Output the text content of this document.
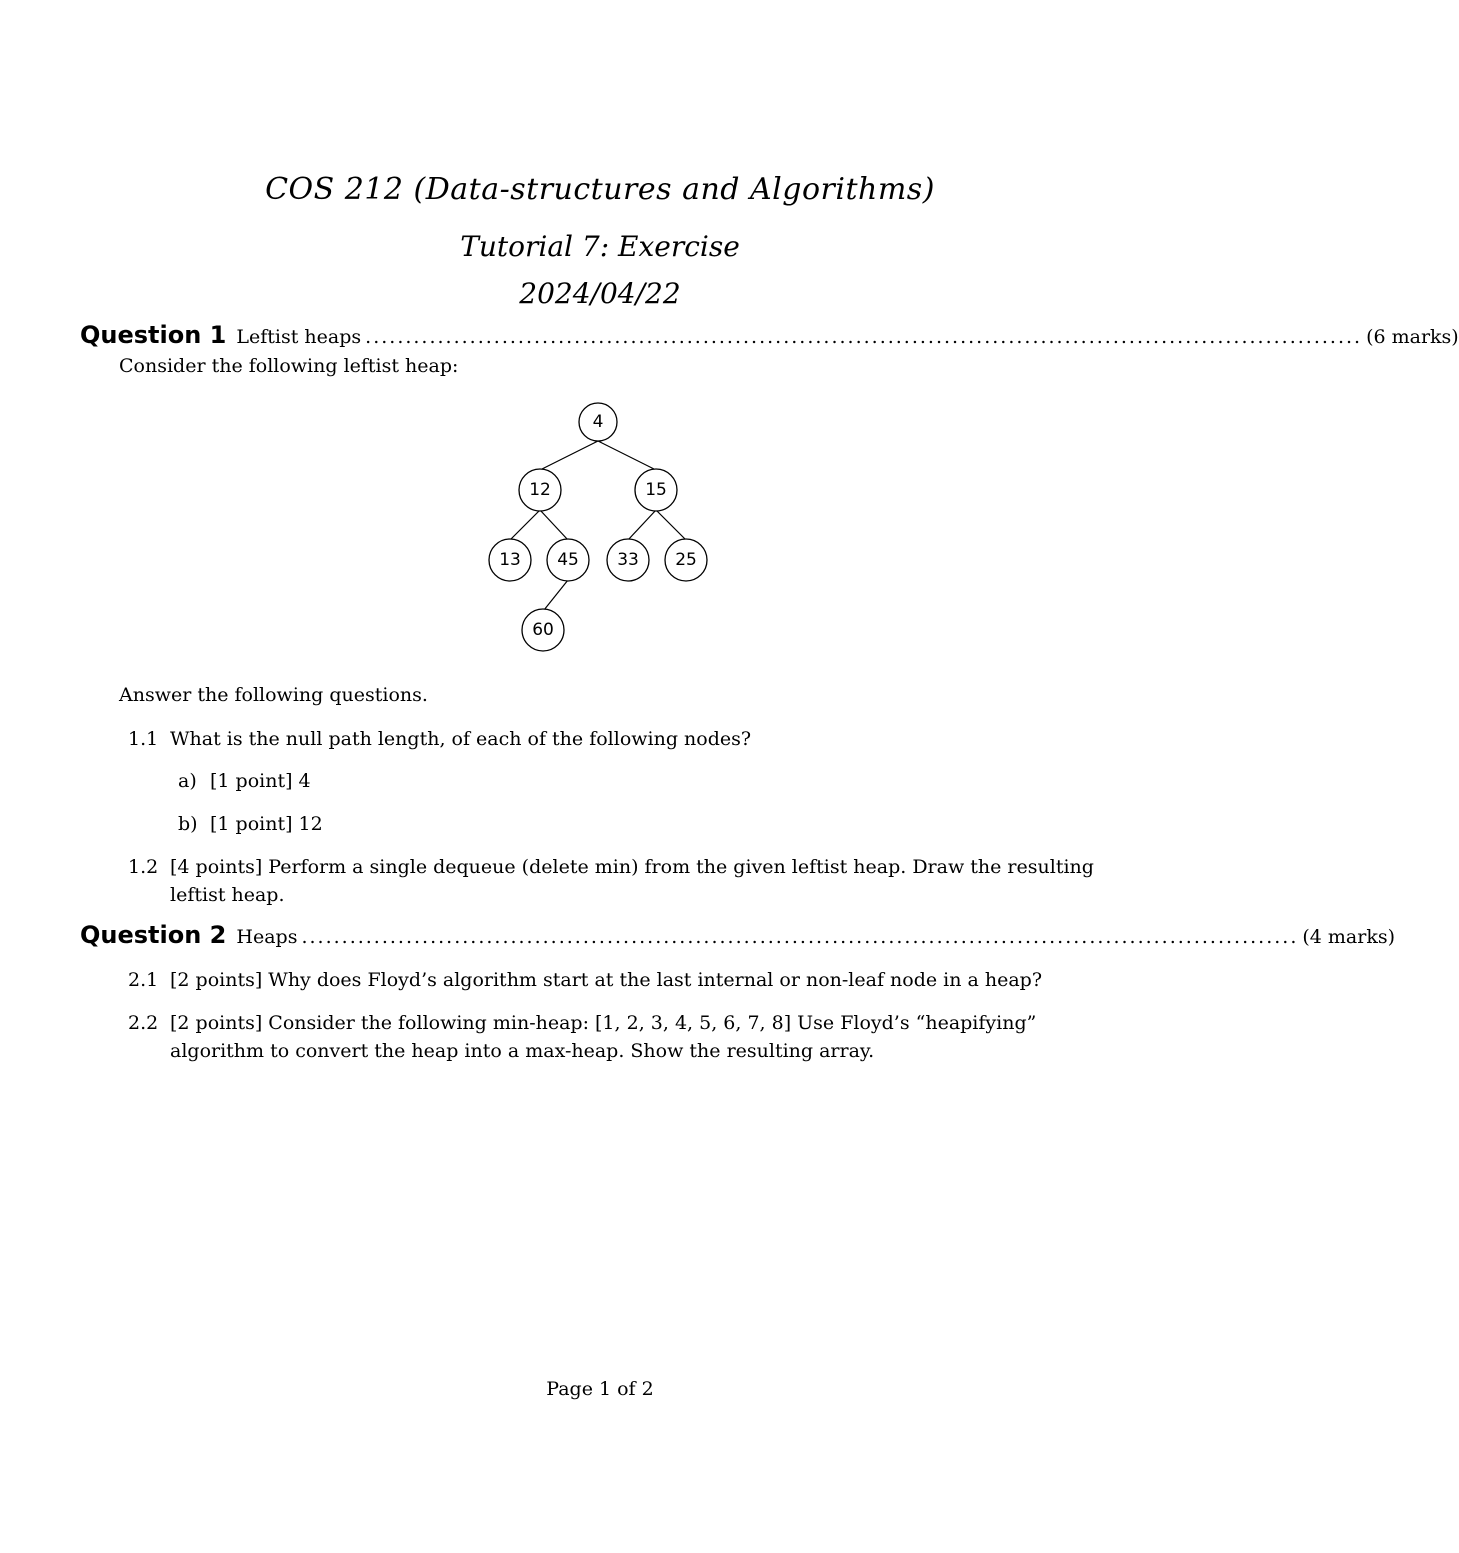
COS 212 (Data-structures and Algorithms)
Tutorial 7: Exercise
2024/04/22
Question 1 Leftist heaps ............................................................................................................................ (6 marks)
Consider the following leftist heap:
4
12	15
13 45 33 25
60
Answer the following questions.
1.1 What is the null path length, of each of the following nodes?
a) [1 point] 4
b) [1 point] 12
1.2 [4 points] Perform a single dequeue (delete min) from the given leftist heap. Draw the resulting leftist heap.
Question 2 Heaps ............................................................................................................................ (4 marks)
2.1 [2 points] Why does Floyd’s algorithm start at the last internal or non-leaf node in a heap?
2.2 [2 points] Consider the following min-heap: [1, 2, 3, 4, 5, 6, 7, 8] Use Floyd’s “heapifying” algorithm to convert the heap into a max-heap. Show the resulting array.
Page 1 of 2
